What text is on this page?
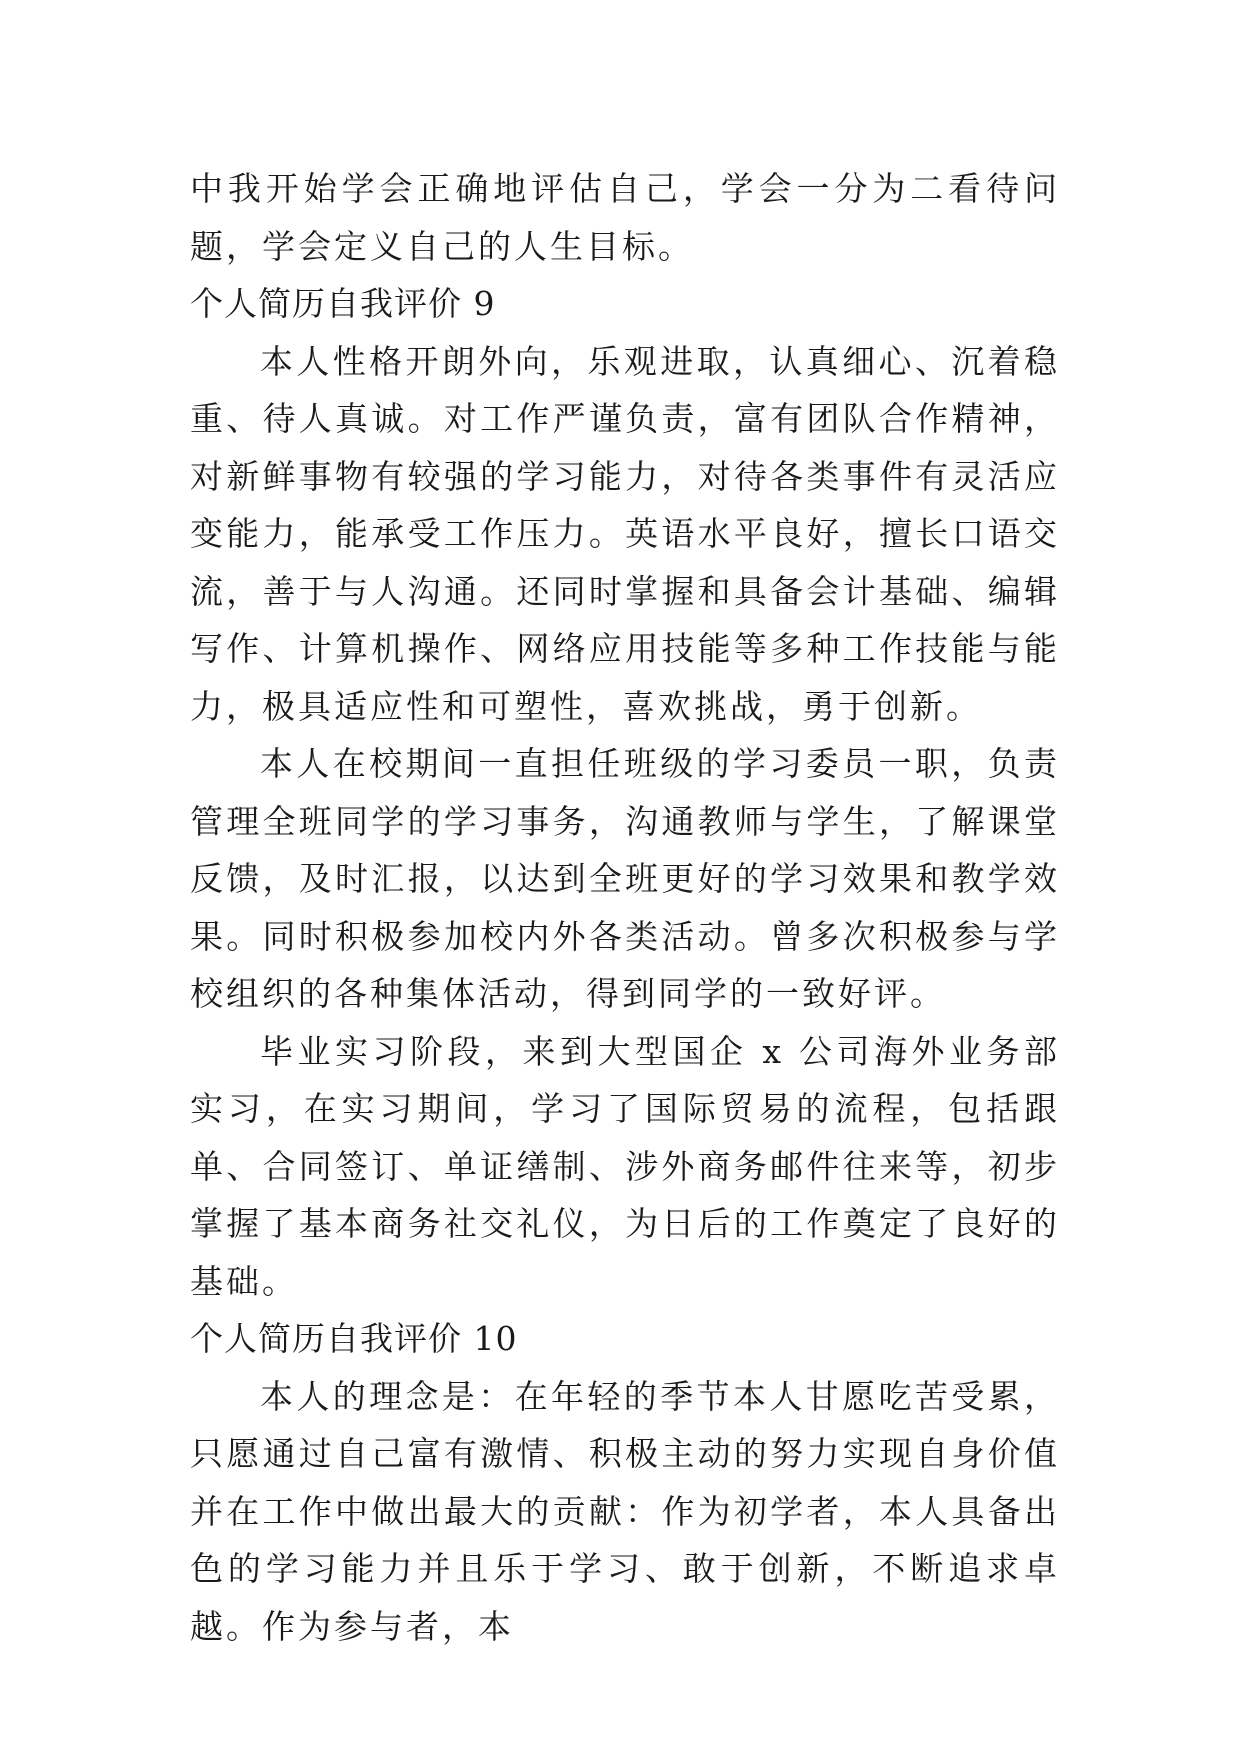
中我开始学会正确地评估自己，学会一分为二看待问题，学会定义自己的人生目标。

个人简历自我评价 9

本人性格开朗外向，乐观进取，认真细心、沉着稳重、待人真诚。对工作严谨负责，富有团队合作精神，对新鲜事物有较强的学习能力，对待各类事件有灵活应变能力，能承受工作压力。英语水平良好，擅长口语交流，善于与人沟通。还同时掌握和具备会计基础、编辑写作、计算机操作、网络应用技能等多种工作技能与能力，极具适应性和可塑性，喜欢挑战，勇于创新。

本人在校期间一直担任班级的学习委员一职，负责管理全班同学的学习事务，沟通教师与学生，了解课堂反馈，及时汇报，以达到全班更好的学习效果和教学效果。同时积极参加校内外各类活动。曾多次积极参与学校组织的各种集体活动，得到同学的一致好评。

毕业实习阶段，来到大型国企 x 公司海外业务部实习，在实习期间，学习了国际贸易的流程，包括跟单、合同签订、单证缮制、涉外商务邮件往来等，初步掌握了基本商务社交礼仪，为日后的工作奠定了良好的基础。

个人简历自我评价 10

本人的理念是：在年轻的季节本人甘愿吃苦受累，只愿通过自己富有激情、积极主动的努力实现自身价值并在工作中做出最大的贡献：作为初学者，本人具备出色的学习能力并且乐于学习、敢于创新，不断追求卓越。作为参与者，本
